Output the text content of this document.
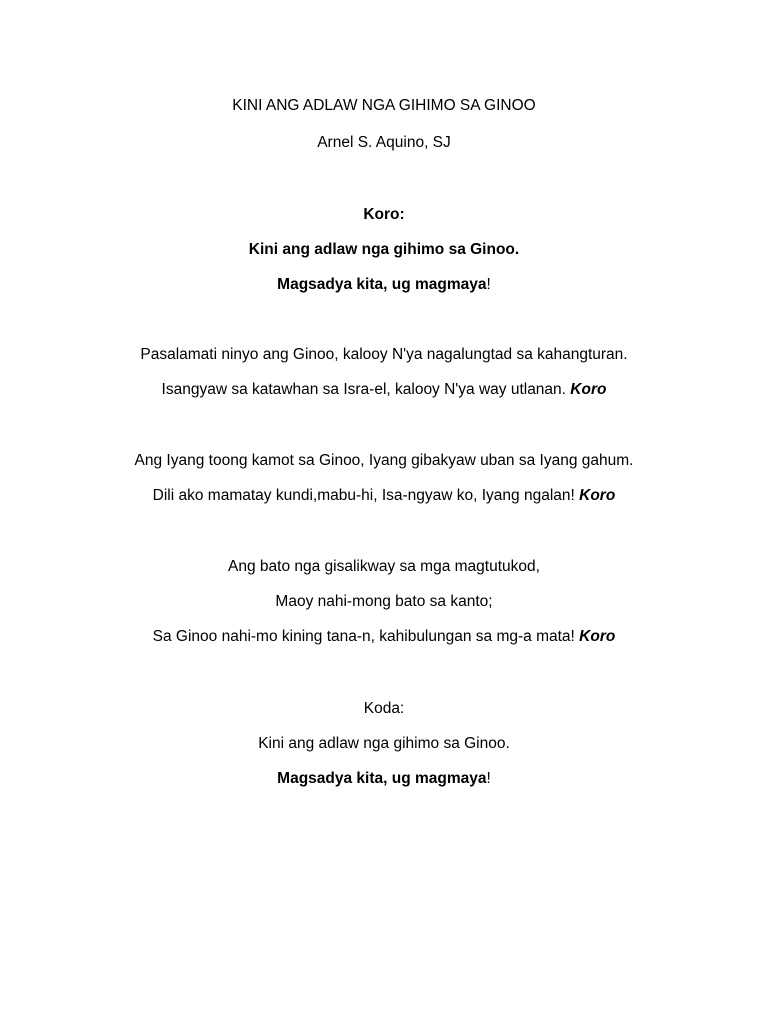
KINI ANG ADLAW NGA GIHIMO SA GINOO
Arnel S. Aquino, SJ
Koro:
Kini ang adlaw nga gihimo sa Ginoo.
Magsadya kita, ug magmaya!
Pasalamati ninyo ang Ginoo, kalooy N'ya nagalungtad sa kahangturan.
Isangyaw sa katawhan sa Isra-el, kalooy N'ya way utlanan. Koro
Ang Iyang toong kamot sa Ginoo, Iyang gibakyaw uban sa Iyang gahum.
Dili ako mamatay kundi,mabu-hi, Isa-ngyaw ko, Iyang ngalan! Koro
Ang bato nga gisalikway sa mga magtutukod,
Maoy nahi-mong bato sa kanto;
Sa Ginoo nahi-mo kining tana-n, kahibulungan sa mg-a mata! Koro
Koda:
Kini ang adlaw nga gihimo sa Ginoo.
Magsadya kita, ug magmaya!
